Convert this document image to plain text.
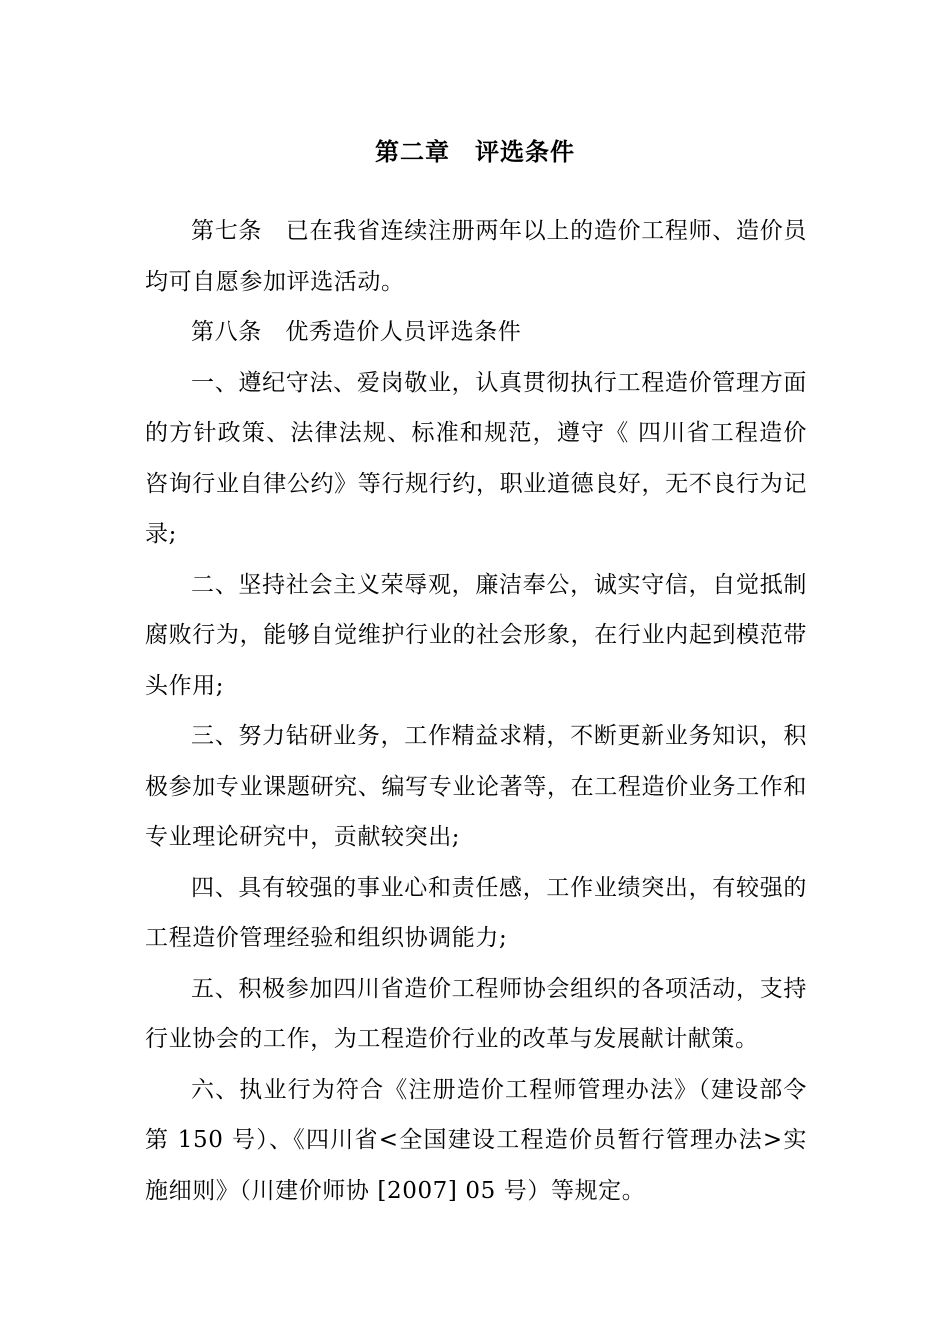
第二章　评选条件

第七条　已在我省连续注册两年以上的造价工程师、造价员均可自愿参加评选活动。

第八条　优秀造价人员评选条件

一、遵纪守法、爱岗敬业，认真贯彻执行工程造价管理方面的方针政策、法律法规、标准和规范，遵守《 四川省工程造价咨询行业自律公约》等行规行约，职业道德良好，无不良行为记录;

二、坚持社会主义荣辱观，廉洁奉公，诚实守信，自觉抵制腐败行为，能够自觉维护行业的社会形象，在行业内起到模范带头作用;

三、努力钻研业务，工作精益求精，不断更新业务知识，积极参加专业课题研究、编写专业论著等，在工程造价业务工作和专业理论研究中，贡献较突出;

四、具有较强的事业心和责任感，工作业绩突出，有较强的工程造价管理经验和组织协调能力;

五、积极参加四川省造价工程师协会组织的各项活动，支持行业协会的工作，为工程造价行业的改革与发展献计献策。

六、执业行为符合《注册造价工程师管理办法》（建设部令第 150 号）、《四川省<全国建设工程造价员暂行管理办法>实施细则》（川建价师协 [2007] 05 号）等规定。
